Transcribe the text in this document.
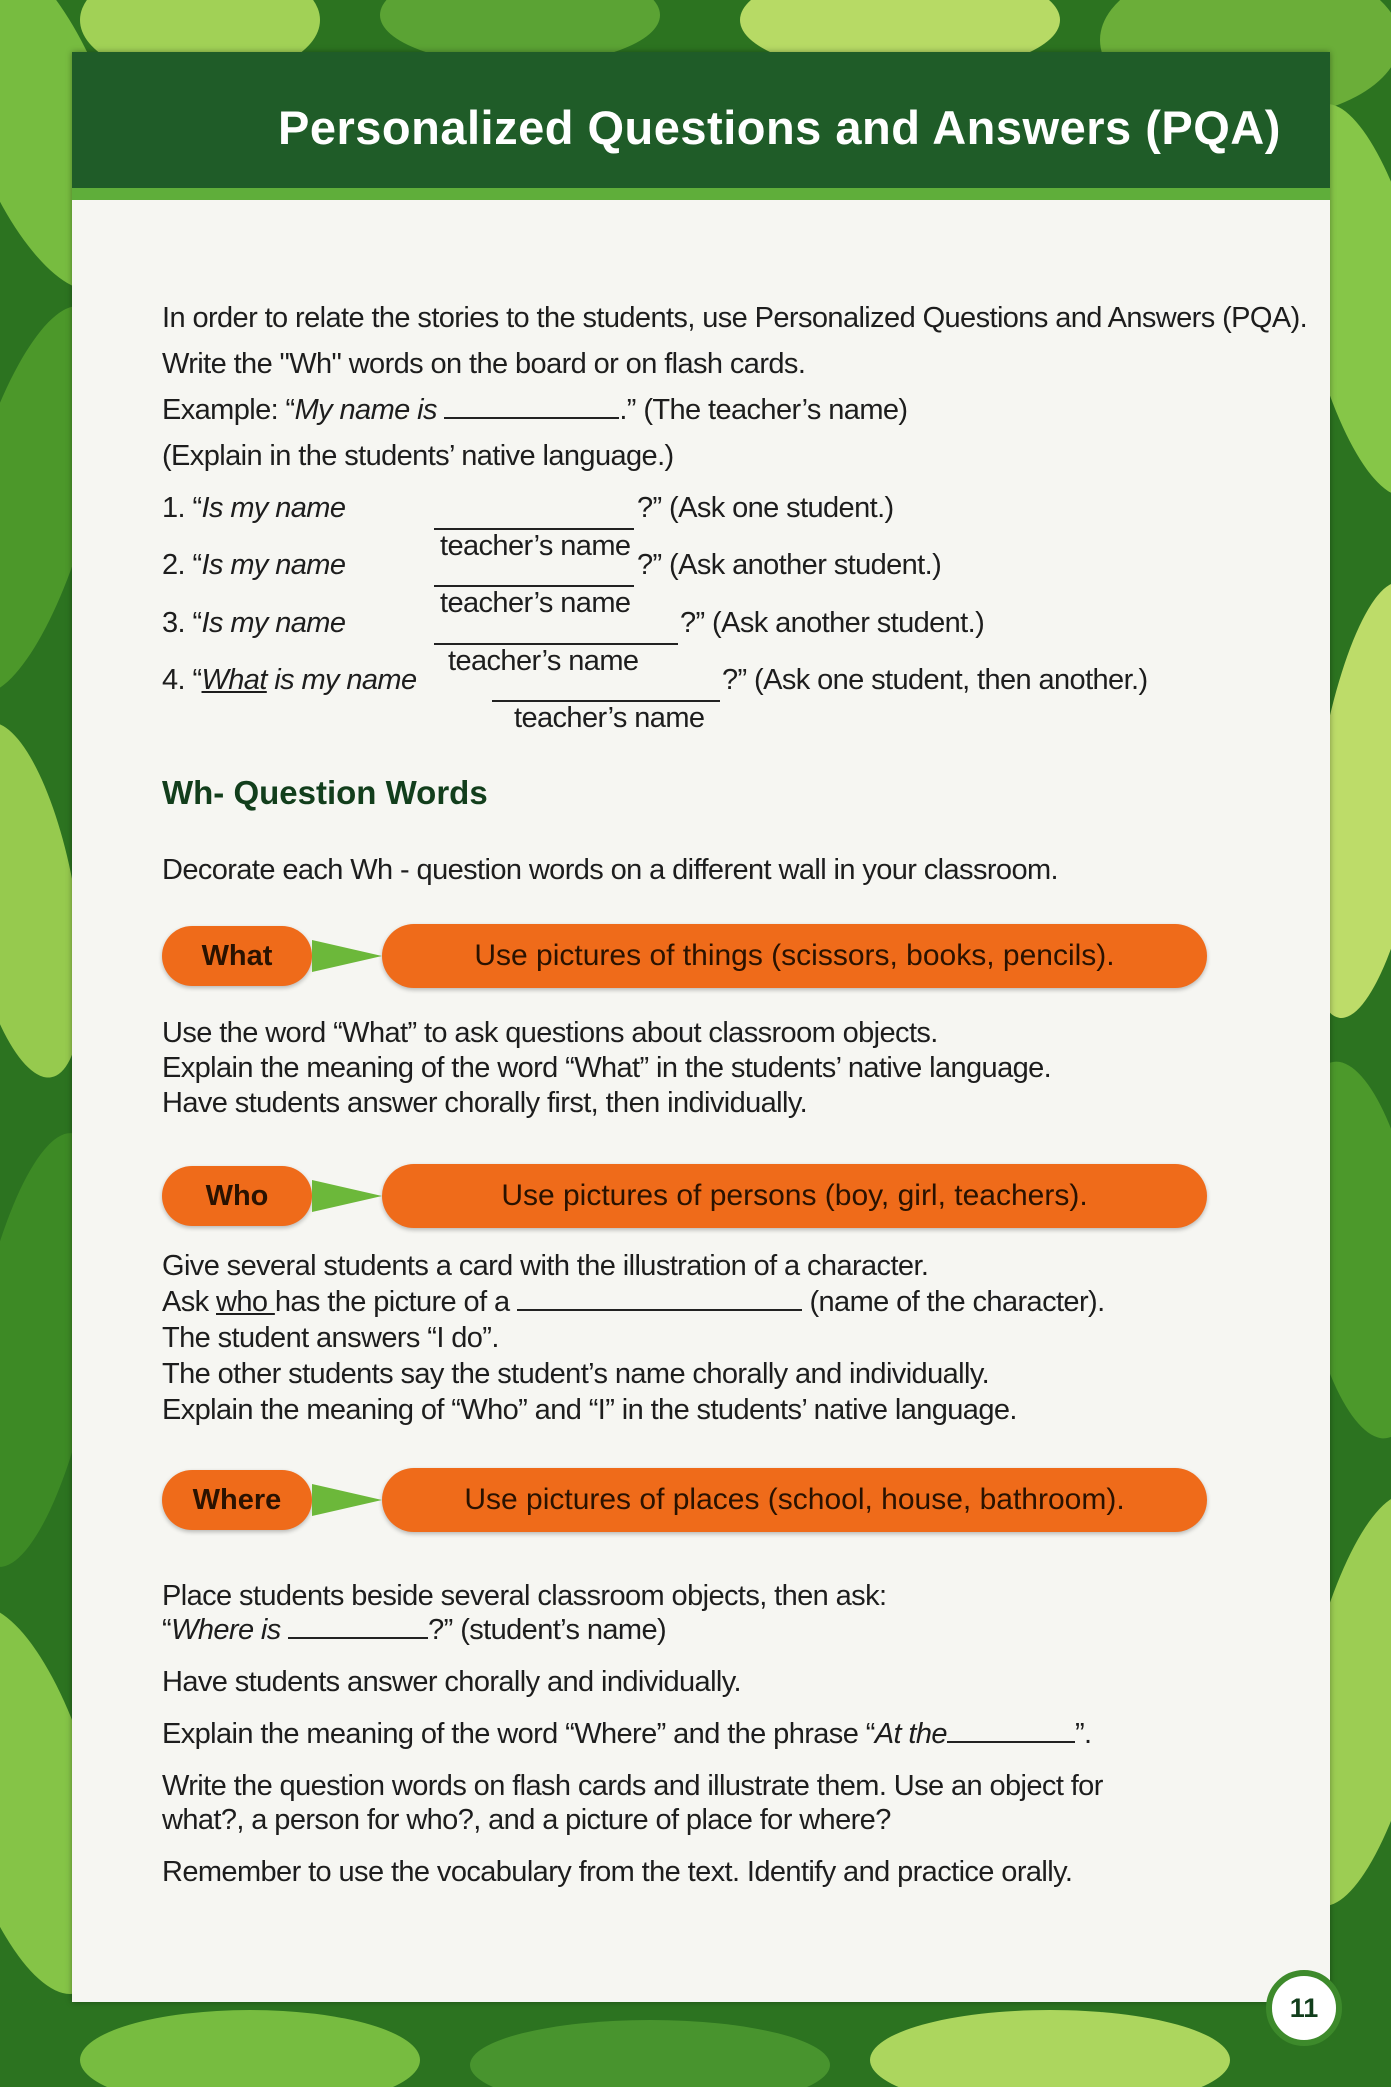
Personalized Questions and Answers (PQA)
In order to relate the stories to the students, use Personalized Questions and Answers (PQA).
Write the "Wh" words on the board or on flash cards.
Example: “My name is	.” (The teacher’s name)
(Explain in the students’ native language.)
1. “Is my name	?” (Ask one student.)
teacher’s name
2. “Is my name	?” (Ask another student.)
teacher’s name
3. “Is my name	?” (Ask another student.)
teacher’s name
4. “What is my name	?” (Ask one student, then another.)
teacher’s name
Wh- Question Words
Decorate each Wh - question words on a different wall in your classroom.
What	Use pictures of things (scissors, books, pencils).
Use the word “What” to ask questions about classroom objects.
Explain the meaning of the word “What” in the students’ native language.
Have students answer chorally first, then individually.
Who	Use pictures of persons (boy, girl, teachers).
Give several students a card with the illustration of a character.
Ask who has the picture of a	(name of the character).
The student answers “I do”.
The other students say the student’s name chorally and individually.
Explain the meaning of “Who” and “I” in the students’ native language.
Where	Use pictures of places (school, house, bathroom).
Place students beside several classroom objects, then ask:
“Where is	?” (student’s name)
Have students answer chorally and individually.
Explain the meaning of the word “Where” and the phrase “At the	”.
Write the question words on flash cards and illustrate them. Use an object for
what?, a person for who?, and a picture of place for where?
Remember to use the vocabulary from the text. Identify and practice orally.
11
